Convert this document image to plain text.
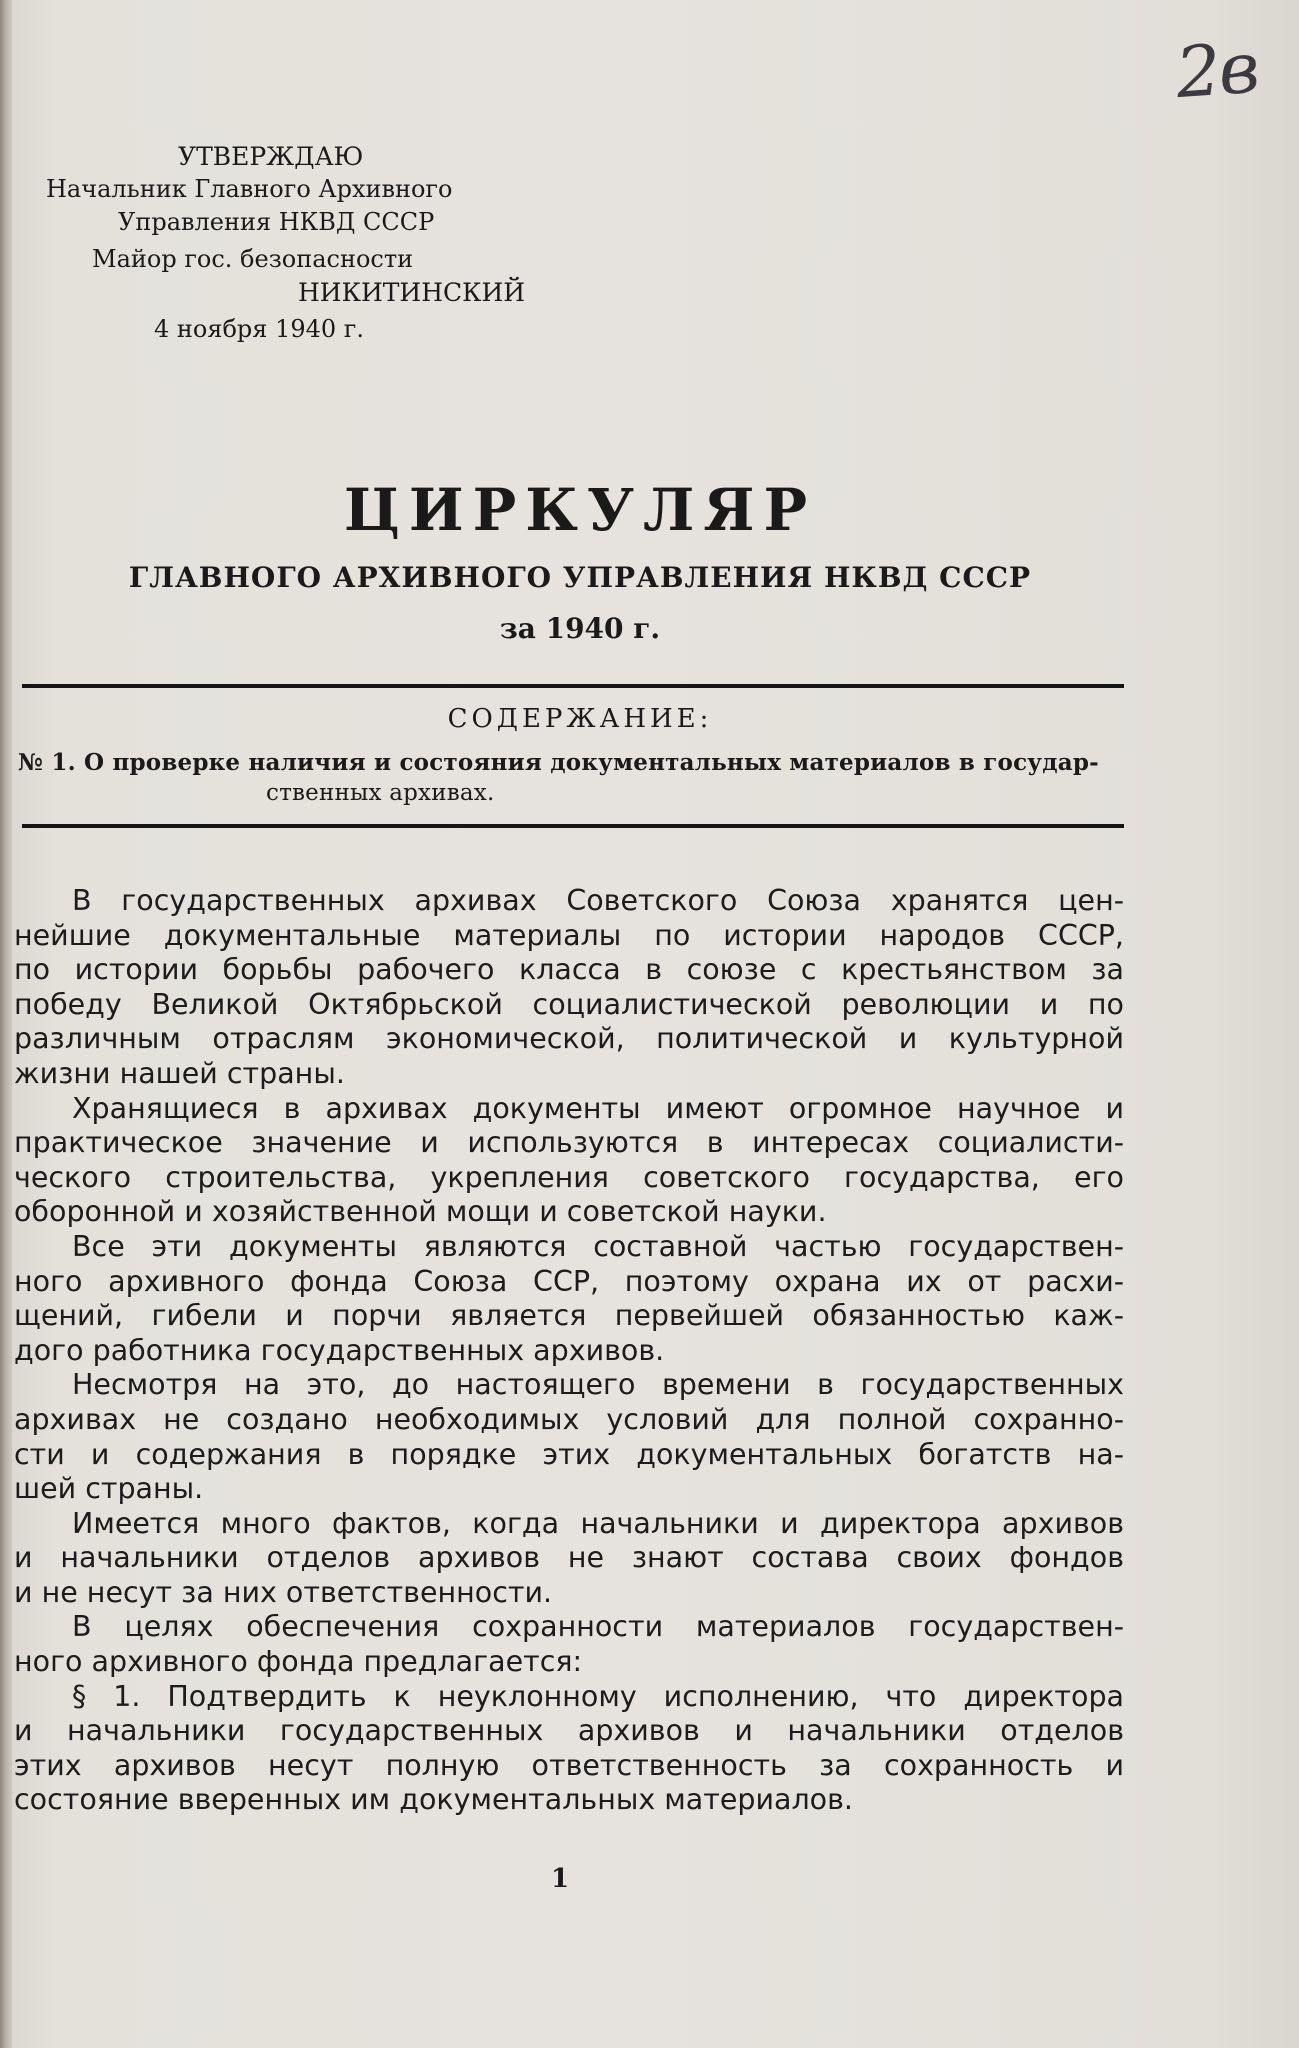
2в
УТВЕРЖДАЮ
Начальник Главного Архивного
Управления НКВД СССР
Майор гос. безопасности
НИКИТИНСКИЙ
4 ноября 1940 г.
ЦИРКУЛЯР
ГЛАВНОГО АРХИВНОГО УПРАВЛЕНИЯ НКВД СССР
за 1940 г.
СОДЕРЖАНИЕ:
№ 1. О проверке наличия и состояния документальных материалов в государ-
ственных архивах.
В государственных архивах Советского Союза хранятся цен-
нейшие документальные материалы по истории народов СССР,
по истории борьбы рабочего класса в союзе с крестьянством за
победу Великой Октябрьской социалистической революции и по
различным отраслям экономической, политической и культурной
жизни нашей страны.
Хранящиеся в архивах документы имеют огромное научное и
практическое значение и используются в интересах социалисти-
ческого строительства, укрепления советского государства, его
оборонной и хозяйственной мощи и советской науки.
Все эти документы являются составной частью государствен-
ного архивного фонда Союза ССР, поэтому охрана их от расхи-
щений, гибели и порчи является первейшей обязанностью каж-
дого работника государственных архивов.
Несмотря на это, до настоящего времени в государственных
архивах не создано необходимых условий для полной сохранно-
сти и содержания в порядке этих документальных богатств на-
шей страны.
Имеется много фактов, когда начальники и директора архивов
и начальники отделов архивов не знают состава своих фондов
и не несут за них ответственности.
В целях обеспечения сохранности материалов государствен-
ного архивного фонда предлагается:
§ 1. Подтвердить к неуклонному исполнению, что директора
и начальники государственных архивов и начальники отделов
этих архивов несут полную ответственность за сохранность и
состояние вверенных им документальных материалов.
1
